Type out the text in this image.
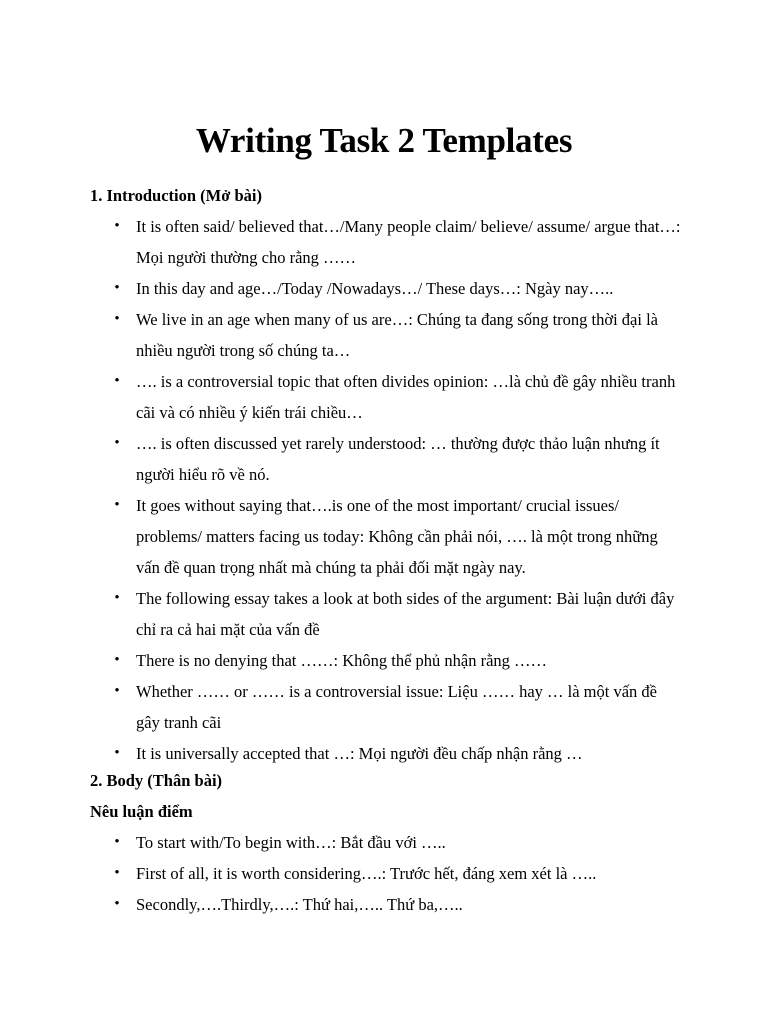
Writing Task 2 Templates
1. Introduction (Mở bài)
• It is often said/ believed that…/Many people claim/ believe/ assume/ argue that…: Mọi người thường cho rằng ……
• In this day and age…/Today /Nowadays…/ These days…: Ngày nay…..
• We live in an age when many of us are…: Chúng ta đang sống trong thời đại là nhiều người trong số chúng ta…
• …. is a controversial topic that often divides opinion: …là chủ đề gây nhiều tranh cãi và có nhiều ý kiến trái chiều…
• …. is often discussed yet rarely understood: … thường được thảo luận nhưng ít người hiểu rõ về nó.
• It goes without saying that….is one of the most important/ crucial issues/ problems/ matters facing us today: Không cần phải nói, …. là một trong những vấn đề quan trọng nhất mà chúng ta phải đối mặt ngày nay.
• The following essay takes a look at both sides of the argument: Bài luận dưới đây chỉ ra cả hai mặt của vấn đề
• There is no denying that ……: Không thể phủ nhận rằng ……
• Whether …… or …… is a controversial issue: Liệu …… hay … là một vấn đề gây tranh cãi
• It is universally accepted that …: Mọi người đều chấp nhận rằng …
2. Body (Thân bài)
Nêu luận điểm
• To start with/To begin with…: Bắt đầu với …..
• First of all, it is worth considering….: Trước hết, đáng xem xét là …..
• Secondly,….Thirdly,….: Thứ hai,….. Thứ ba,…..
